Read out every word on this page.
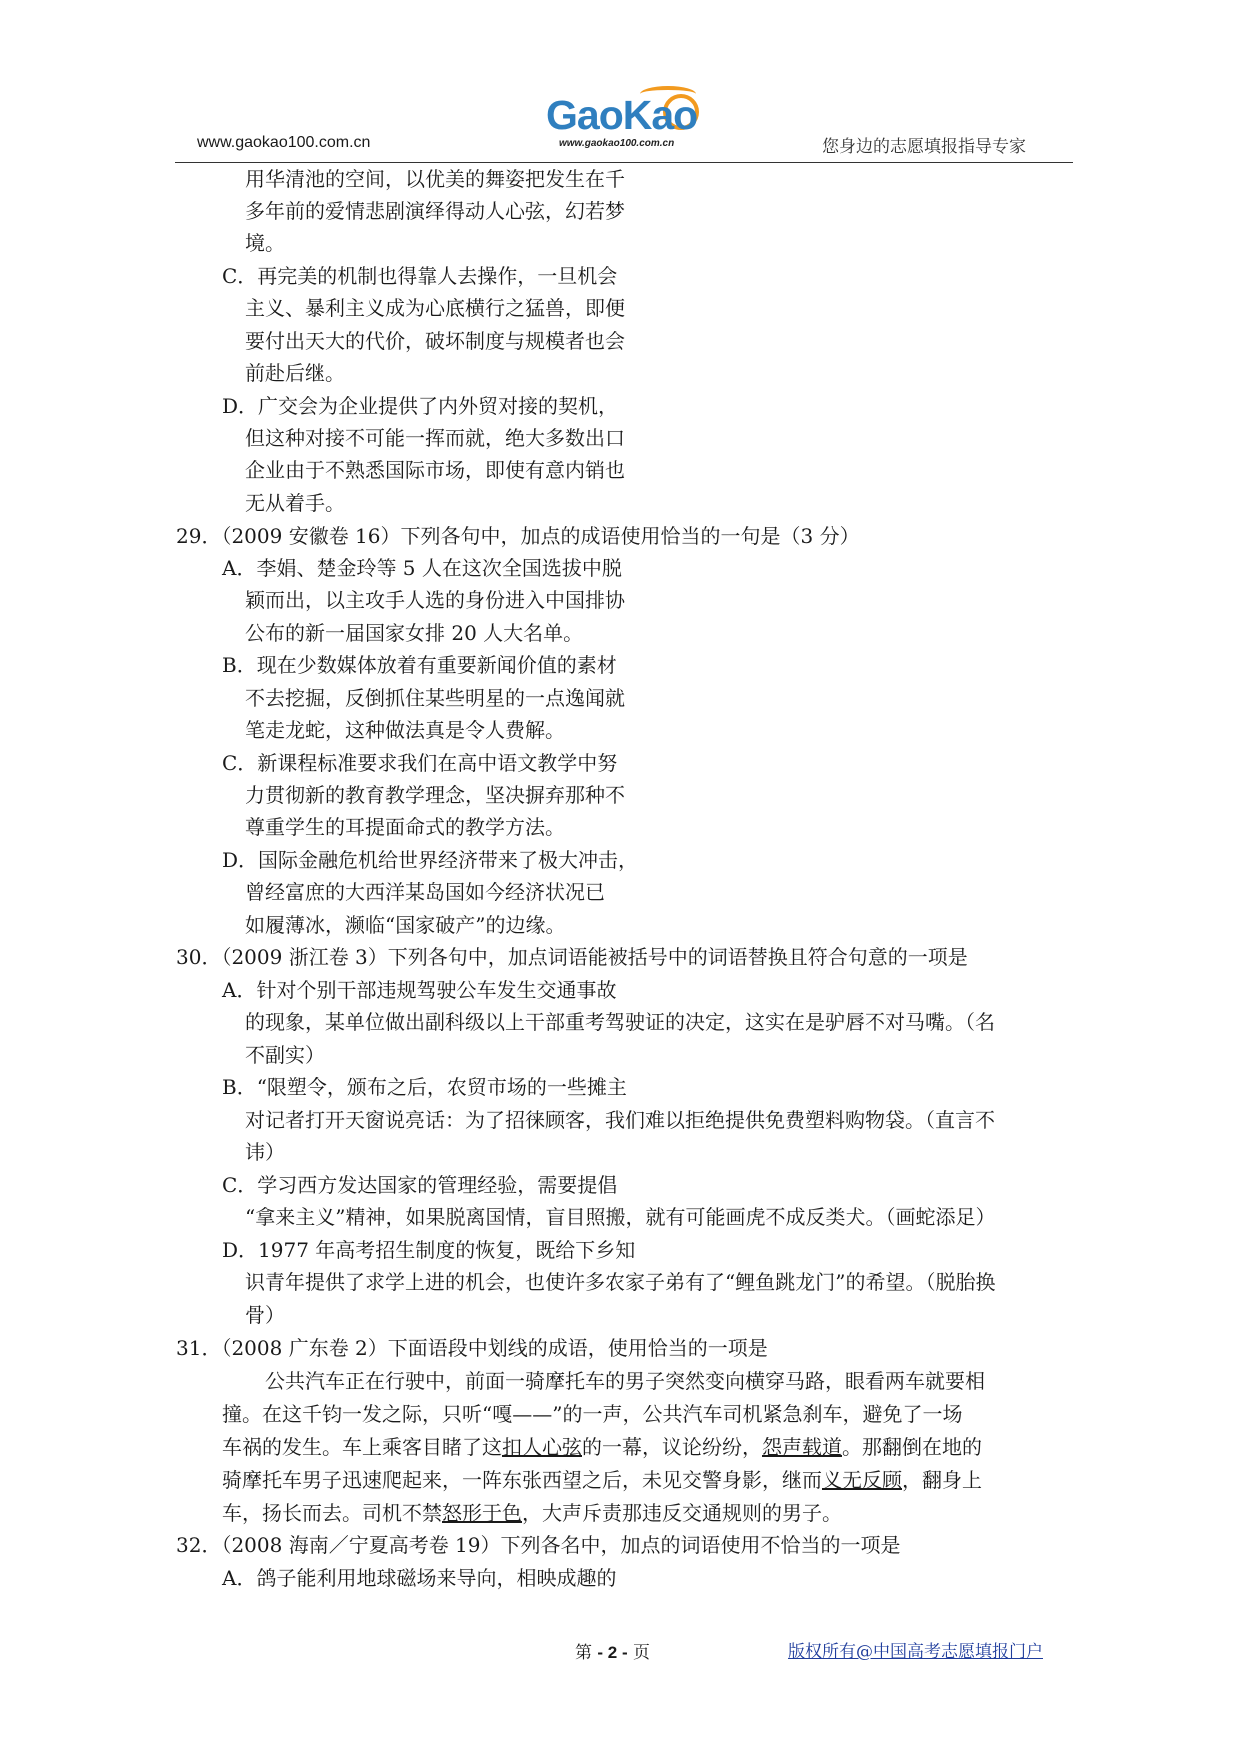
www.gaokao100.com.cn
GaoKao
www.gaokao100.com.cn	您身边的志愿填报指导专家
用华清池的空间，以优美的舞姿把发生在千
多年前的爱情悲剧演绎得动人心弦，幻若梦
境。
C．再完美的机制也得靠人去操作，一旦机会
主义、暴利主义成为心底横行之猛兽，即便
要付出天大的代价，破坏制度与规模者也会
前赴后继。
D．广交会为企业提供了内外贸对接的契机，
但这种对接不可能一挥而就，绝大多数出口
企业由于不熟悉国际市场，即使有意内销也
无从着手。
29．（2009 安徽卷 16）下列各句中，加点的成语使用恰当的一句是（3 分）
A．李娟、楚金玲等 5 人在这次全国选拔中脱
颖而出，以主攻手人选的身份进入中国排协
公布的新一届国家女排 20 人大名单。
B．现在少数媒体放着有重要新闻价值的素材
不去挖掘，反倒抓住某些明星的一点逸闻就
笔走龙蛇，这种做法真是令人费解。
C．新课程标准要求我们在高中语文教学中努
力贯彻新的教育教学理念，坚决摒弃那种不
尊重学生的耳提面命式的教学方法。
D．国际金融危机给世界经济带来了极大冲击，
曾经富庶的大西洋某岛国如今经济状况已
如履薄冰，濒临“国家破产”的边缘。
30．（2009 浙江卷 3）下列各句中，加点词语能被括号中的词语替换且符合句意的一项是
A．针对个别干部违规驾驶公车发生交通事故
的现象，某单位做出副科级以上干部重考驾驶证的决定，这实在是驴唇不对马嘴。（名
不副实）
B．“限塑令，颁布之后，农贸市场的一些摊主
对记者打开天窗说亮话：为了招徕顾客，我们难以拒绝提供免费塑料购物袋。（直言不
讳）
C．学习西方发达国家的管理经验，需要提倡
“拿来主义”精神，如果脱离国情，盲目照搬，就有可能画虎不成反类犬。（画蛇添足）
D．1977 年高考招生制度的恢复，既给下乡知
识青年提供了求学上进的机会，也使许多农家子弟有了“鲤鱼跳龙门”的希望。（脱胎换
骨）
31．（2008 广东卷 2）下面语段中划线的成语，使用恰当的一项是
公共汽车正在行驶中，前面一骑摩托车的男子突然变向横穿马路，眼看两车就要相
撞。在这千钧一发之际，只听“嘎——”的一声，公共汽车司机紧急刹车，避免了一场
车祸的发生。车上乘客目睹了这扣人心弦的一幕，议论纷纷，怨声载道。那翻倒在地的
骑摩托车男子迅速爬起来，一阵东张西望之后，未见交警身影，继而义无反顾，翻身上
车，扬长而去。司机不禁怒形于色，大声斥责那违反交通规则的男子。
32．（2008 海南／宁夏高考卷 19）下列各名中，加点的词语使用不恰当的一项是
A．鸽子能利用地球磁场来导向，相映成趣的
第 - 2 - 页	版权所有@中国高考志愿填报门户
